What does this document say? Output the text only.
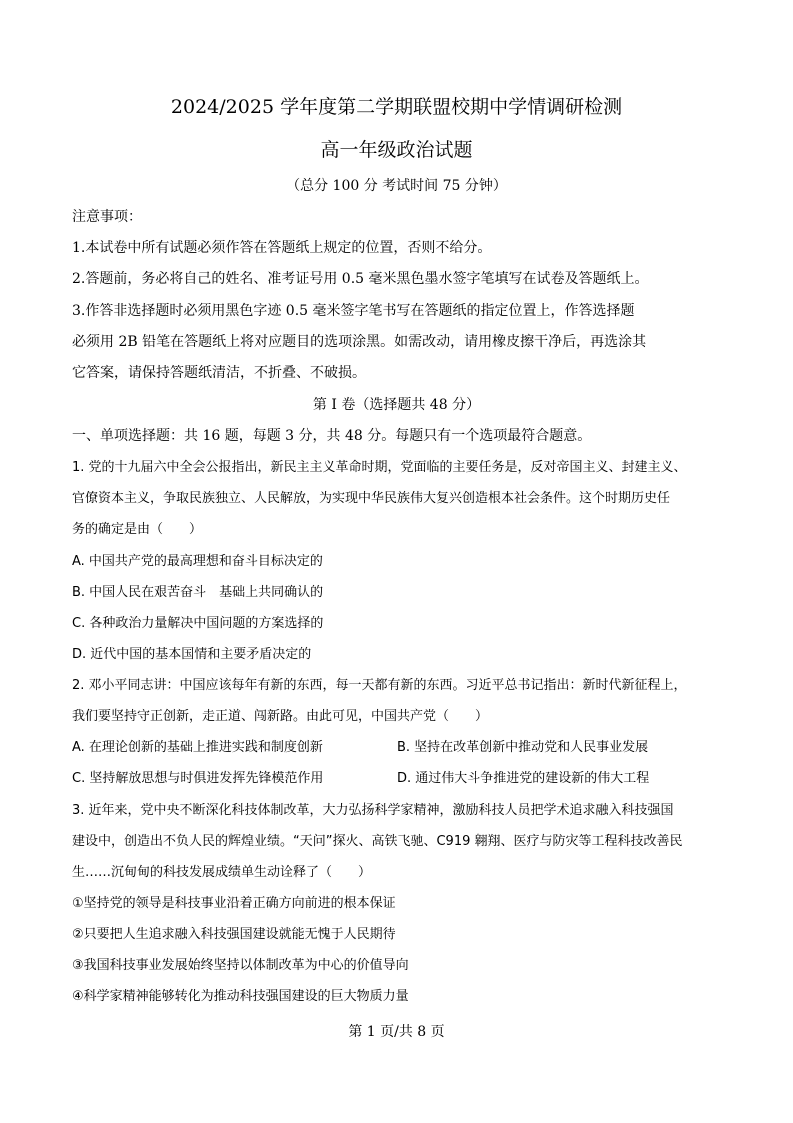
2024/2025 学年度第二学期联盟校期中学情调研检测
高一年级政治试题
（总分 100 分 考试时间 75 分钟）
注意事项：
1.本试卷中所有试题必须作答在答题纸上规定的位置，否则不给分。
2.答题前，务必将自己的姓名、准考证号用 0.5 毫米黑色墨水签字笔填写在试卷及答题纸上。
3.作答非选择题时必须用黑色字迹 0.5 毫米签字笔书写在答题纸的指定位置上，作答选择题
必须用 2B 铅笔在答题纸上将对应题目的选项涂黑。如需改动，请用橡皮擦干净后，再选涂其
它答案，请保持答题纸清洁，不折叠、不破损。
第 I 卷（选择题共 48 分）
一、单项选择题：共 16 题，每题 3 分，共 48 分。每题只有一个选项最符合题意。
1. 党的十九届六中全会公报指出，新民主主义革命时期，党面临的主要任务是，反对帝国主义、封建主义、
官僚资本主义，争取民族独立、人民解放，为实现中华民族伟大复兴创造根本社会条件。这个时期历史任
务的确定是由（　　）
A. 中国共产党的最高理想和奋斗目标决定的
B. 中国人民在艰苦奋斗　基础上共同确认的
C. 各种政治力量解决中国问题的方案选择的
D. 近代中国的基本国情和主要矛盾决定的
2. 邓小平同志讲：中国应该每年有新的东西，每一天都有新的东西。习近平总书记指出：新时代新征程上，
我们要坚持守正创新，走正道、闯新路。由此可见，中国共产党（　　）
A. 在理论创新的基础上推进实践和制度创新	B. 坚持在改革创新中推动党和人民事业发展
C. 坚持解放思想与时俱进发挥先锋模范作用	D. 通过伟大斗争推进党的建设新的伟大工程
3. 近年来，党中央不断深化科技体制改革，大力弘扬科学家精神，激励科技人员把学术追求融入科技强国
建设中，创造出不负人民的辉煌业绩。“天问”探火、高铁飞驰、C919 翱翔、医疗与防灾等工程科技改善民
生……沉甸甸的科技发展成绩单生动诠释了（　　）
①坚持党的领导是科技事业沿着正确方向前进的根本保证
②只要把人生追求融入科技强国建设就能无愧于人民期待
③我国科技事业发展始终坚持以体制改革为中心的价值导向
④科学家精神能够转化为推动科技强国建设的巨大物质力量
第 1 页/共 8 页
